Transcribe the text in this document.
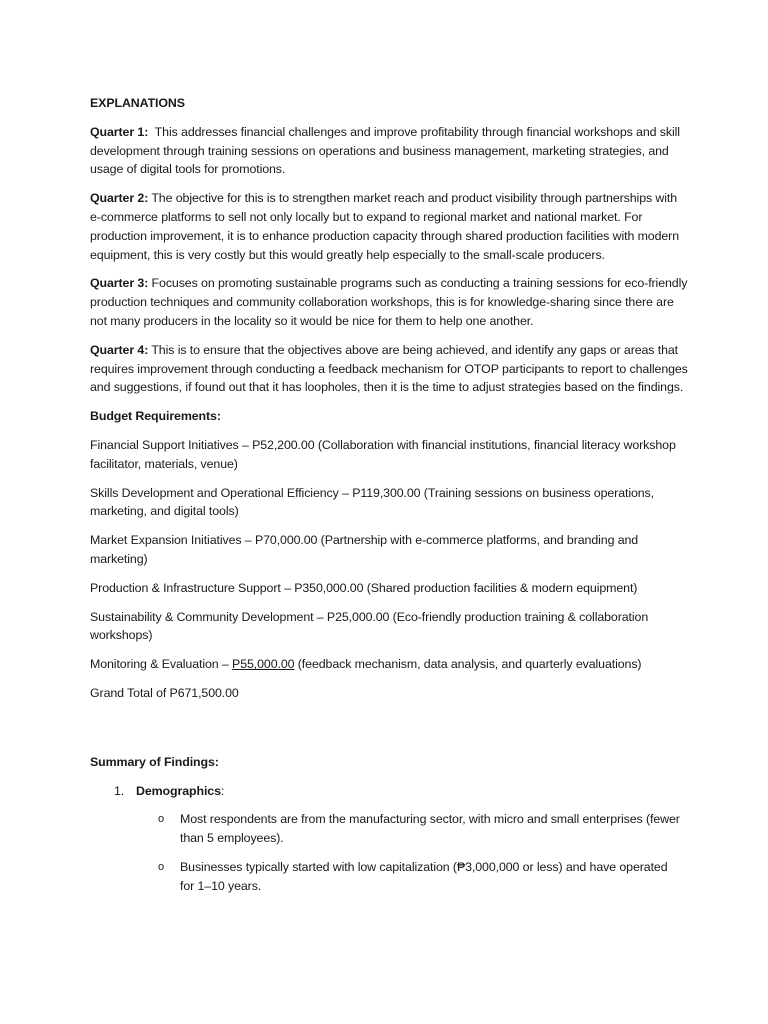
EXPLANATIONS

Quarter 1:  This addresses financial challenges and improve profitability through financial workshops and skill development through training sessions on operations and business management, marketing strategies, and usage of digital tools for promotions.

Quarter 2: The objective for this is to strengthen market reach and product visibility through partnerships with e-commerce platforms to sell not only locally but to expand to regional market and national market. For production improvement, it is to enhance production capacity through shared production facilities with modern equipment, this is very costly but this would greatly help especially to the small-scale producers.

Quarter 3: Focuses on promoting sustainable programs such as conducting a training sessions for eco-friendly production techniques and community collaboration workshops, this is for knowledge-sharing since there are not many producers in the locality so it would be nice for them to help one another.

Quarter 4: This is to ensure that the objectives above are being achieved, and identify any gaps or areas that requires improvement through conducting a feedback mechanism for OTOP participants to report to challenges and suggestions, if found out that it has loopholes, then it is the time to adjust strategies based on the findings.

Budget Requirements:

Financial Support Initiatives – P52,200.00 (Collaboration with financial institutions, financial literacy workshop facilitator, materials, venue)

Skills Development and Operational Efficiency – P119,300.00 (Training sessions on business operations, marketing, and digital tools)

Market Expansion Initiatives – P70,000.00 (Partnership with e-commerce platforms, and branding and marketing)

Production & Infrastructure Support – P350,000.00 (Shared production facilities & modern equipment)

Sustainability & Community Development – P25,000.00 (Eco-friendly production training & collaboration workshops)

Monitoring & Evaluation – P55,000.00 (feedback mechanism, data analysis, and quarterly evaluations)

Grand Total of P671,500.00

Summary of Findings:

1. Demographics:
o	Most respondents are from the manufacturing sector, with micro and small enterprises (fewer than 5 employees).
o	Businesses typically started with low capitalization (₱3,000,000 or less) and have operated for 1–10 years.
